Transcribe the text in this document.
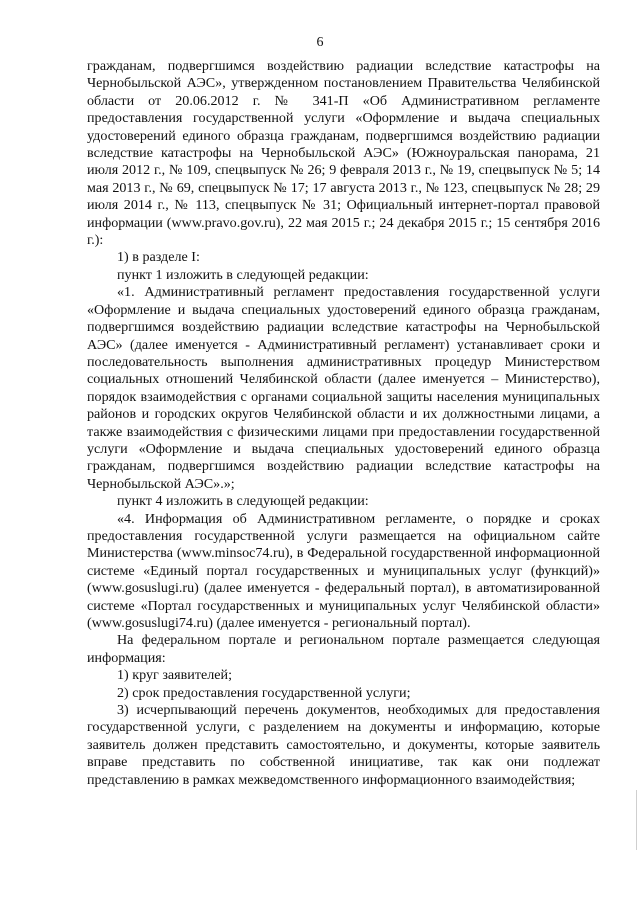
6

гражданам, подвергшимся воздействию радиации вследствие катастрофы на Чернобыльской АЭС», утвержденном постановлением Правительства Челябинской области от 20.06.2012 г. № 341-П «Об Административном регламенте предоставления государственной услуги «Оформление и выдача специальных удостоверений единого образца гражданам, подвергшимся воздействию радиации вследствие катастрофы на Чернобыльской АЭС» (Южноуральская панорама, 21 июля 2012 г., № 109, спецвыпуск № 26; 9 февраля 2013 г., № 19, спецвыпуск № 5; 14 мая 2013 г., № 69, спецвыпуск № 17; 17 августа 2013 г., № 123, спецвыпуск № 28; 29 июля 2014 г., № 113, спецвыпуск № 31; Официальный интернет-портал правовой информации (www.pravo.gov.ru), 22 мая 2015 г.; 24 декабря 2015 г.; 15 сентября 2016 г.):

1) в разделе I:

пункт 1 изложить в следующей редакции:

«1. Административный регламент предоставления государственной услуги «Оформление и выдача специальных удостоверений единого образца гражданам, подвергшимся воздействию радиации вследствие катастрофы на Чернобыльской АЭС» (далее именуется - Административный регламент) устанавливает сроки и последовательность выполнения административных процедур Министерством социальных отношений Челябинской области (далее именуется – Министерство), порядок взаимодействия с органами социальной защиты населения муниципальных районов и городских округов Челябинской области и их должностными лицами, а также взаимодействия с физическими лицами при предоставлении государственной услуги «Оформление и выдача специальных удостоверений единого образца гражданам, подвергшимся воздействию радиации вследствие катастрофы на Чернобыльской АЭС».»;

пункт 4 изложить в следующей редакции:

«4. Информация об Административном регламенте, о порядке и сроках предоставления государственной услуги размещается на официальном сайте Министерства (www.minsoc74.ru), в Федеральной государственной информационной системе «Единый портал государственных и муниципальных услуг (функций)» (www.gosuslugi.ru) (далее именуется - федеральный портал), в автоматизированной системе «Портал государственных и муниципальных услуг Челябинской области» (www.gosuslugi74.ru) (далее именуется - региональный портал).

На федеральном портале и региональном портале размещается следующая информация:

1) круг заявителей;

2) срок предоставления государственной услуги;

3) исчерпывающий перечень документов, необходимых для предоставления государственной услуги, с разделением на документы и информацию, которые заявитель должен представить самостоятельно, и документы, которые заявитель вправе представить по собственной инициативе, так как они подлежат представлению в рамках межведомственного информационного взаимодействия;
